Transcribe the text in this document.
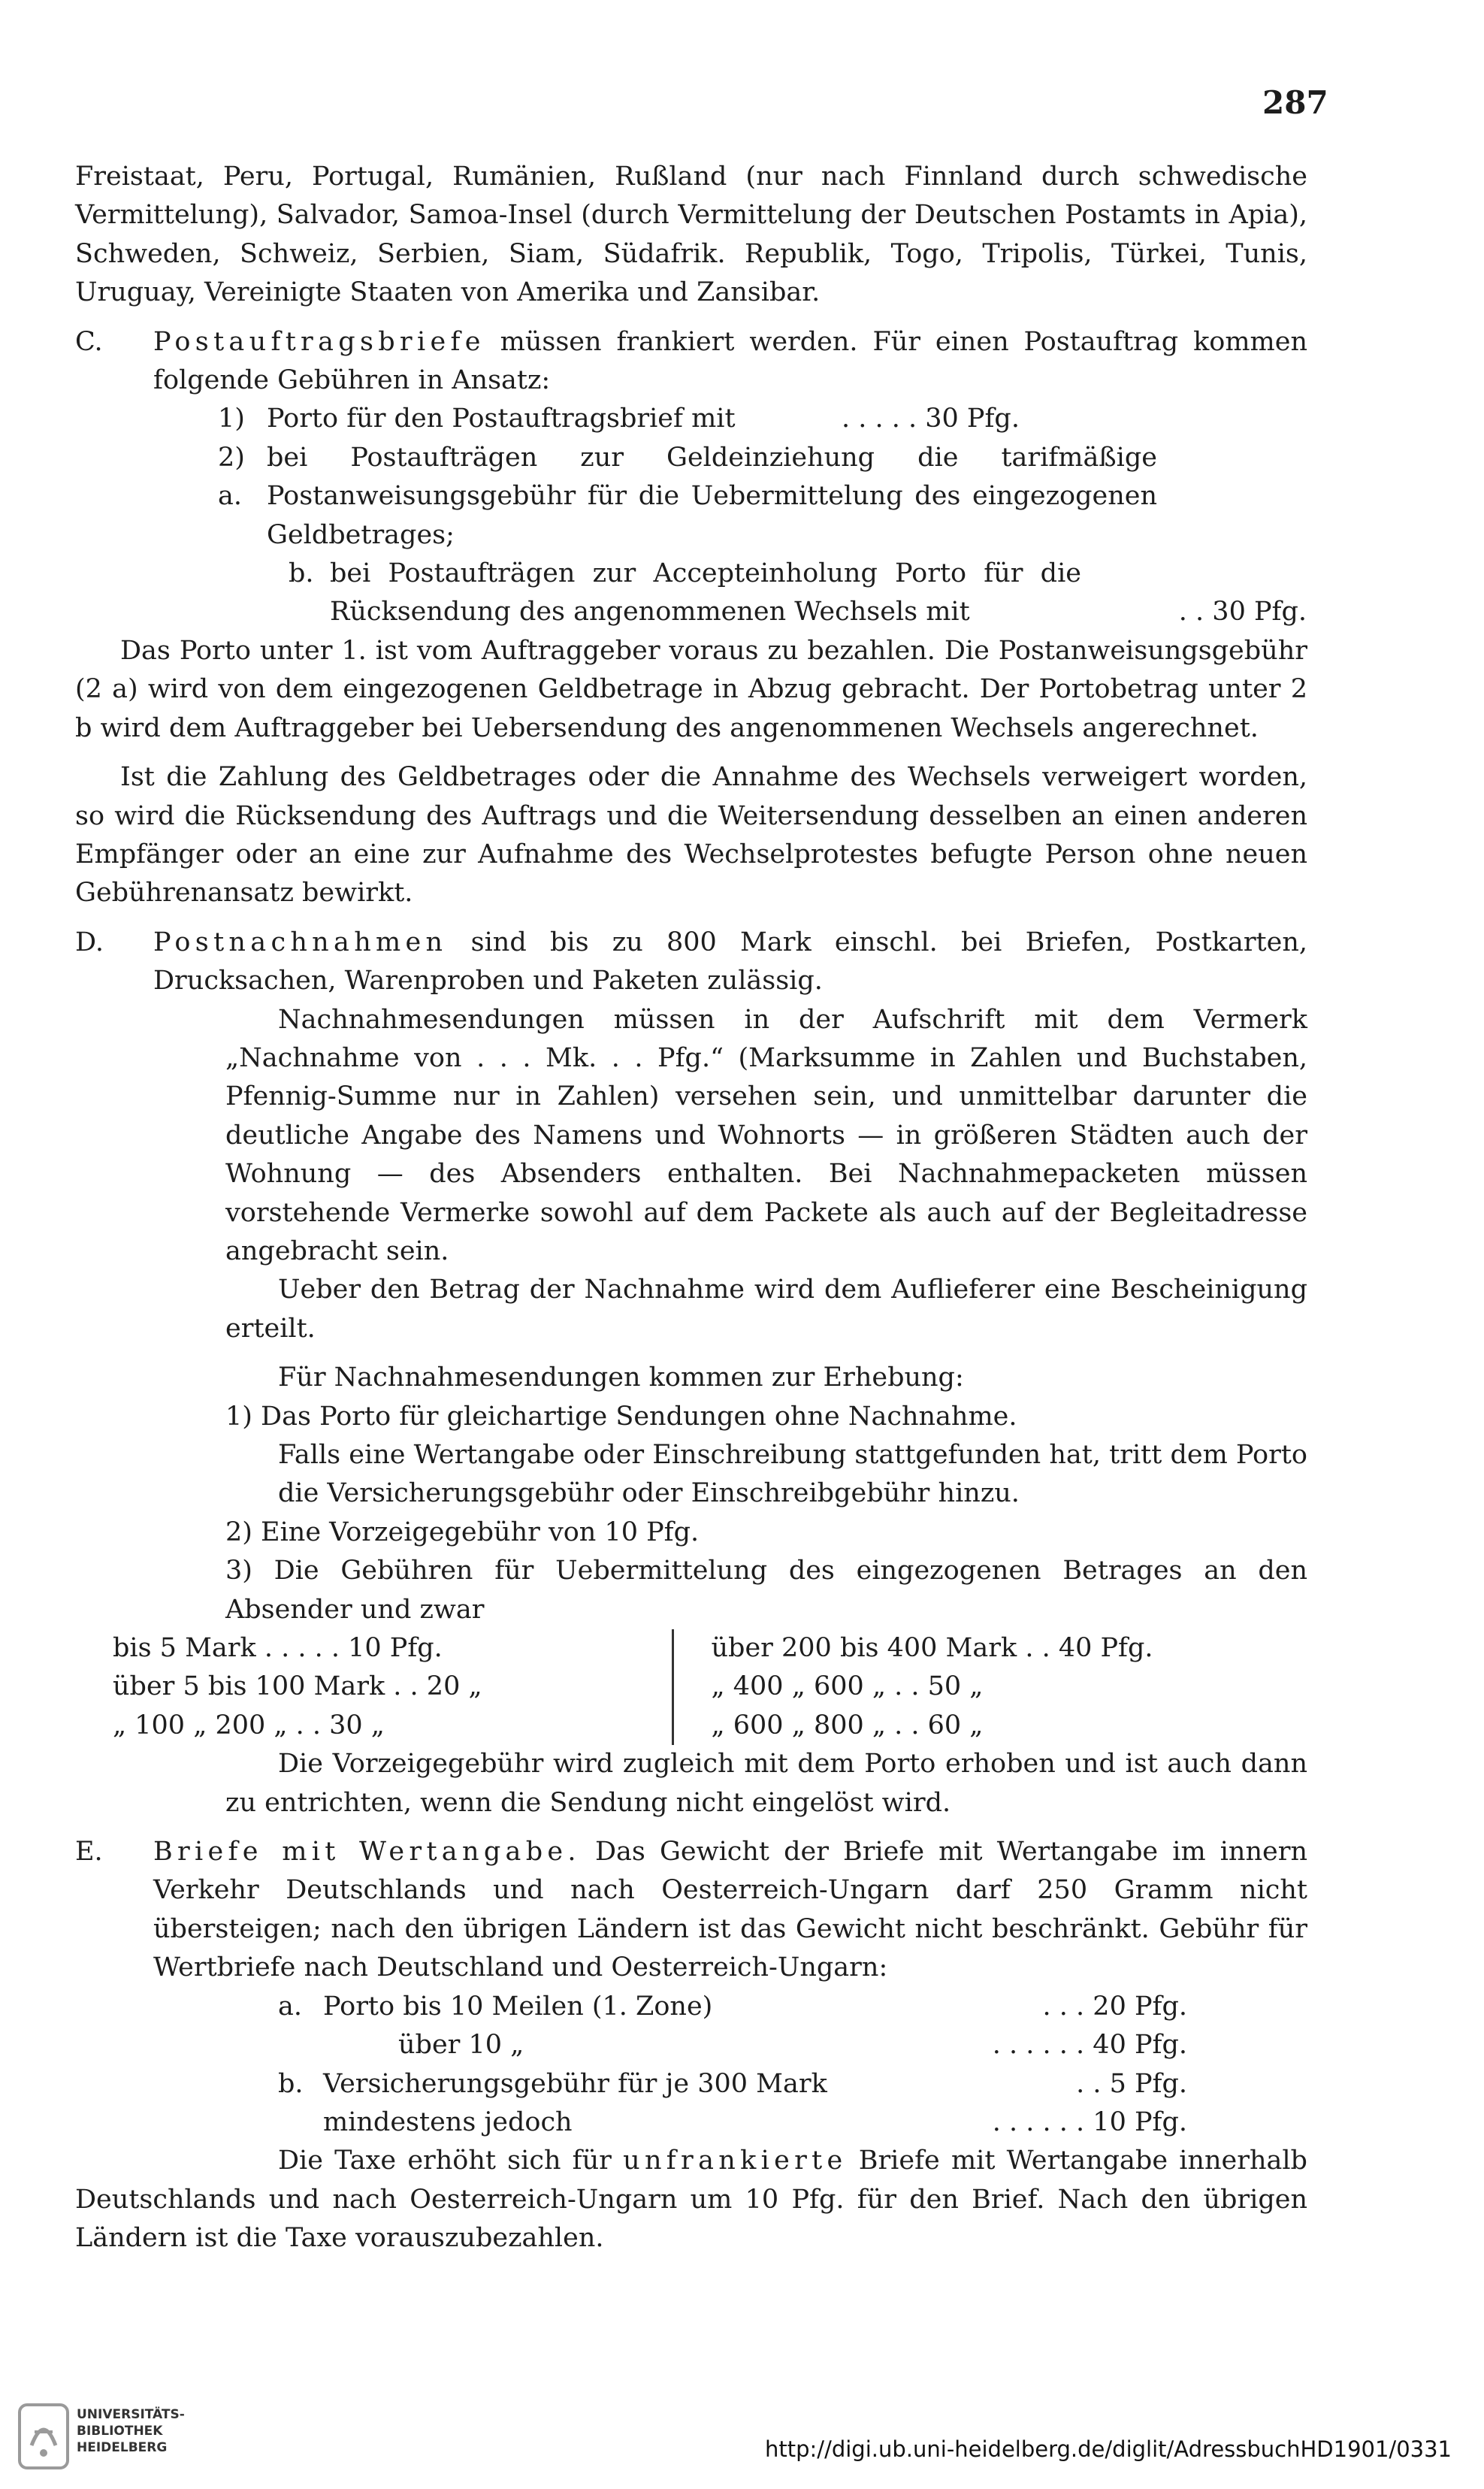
287

Freistaat, Peru, Portugal, Rumänien, Rußland (nur nach Finnland durch schwedische Vermittelung), Salvador, Samoa-Insel (durch Vermittelung der Deutschen Postamts in Apia), Schweden, Schweiz, Serbien, Siam, Südafrik. Republik, Togo, Tripolis, Türkei, Tunis, Uruguay, Vereinigte Staaten von Amerika und Zansibar.

C.	Postauftragsbriefe müssen frankiert werden. Für einen Postauftrag kommen folgende Gebühren in Ansatz:

1) Porto für den Postauftragsbrief mit	. . . . . 30 Pfg.
2) a.

bei Postaufträgen zur Geldeinziehung die tarifmäßige Postanweisungsgebühr für die Uebermittelung des eingezogenen Geldbetrages;

b. bei Postaufträgen zur Accepteinholung Porto für die Rücksendung des angenommenen Wechsels mit	. . 30 Pfg.

Das Porto unter 1. ist vom Auftraggeber voraus zu bezahlen. Die Postanweisungsgebühr (2 a) wird von dem eingezogenen Geldbetrage in Abzug gebracht. Der Portobetrag unter 2 b wird dem Auftraggeber bei Uebersendung des angenommenen Wechsels angerechnet.

Ist die Zahlung des Geldbetrages oder die Annahme des Wechsels verweigert worden, so wird die Rücksendung des Auftrags und die Weitersendung desselben an einen anderen Empfänger oder an eine zur Aufnahme des Wechselprotestes befugte Person ohne neuen Gebührenansatz bewirkt.

D.	Postnachnahmen sind bis zu 800 Mark einschl. bei Briefen, Postkarten, Drucksachen, Warenproben und Paketen zulässig.

Nachnahmesendungen müssen in der Aufschrift mit dem Vermerk „Nachnahme von . . . Mk. . . Pfg.“ (Marksumme in Zahlen und Buchstaben, Pfennig-Summe nur in Zahlen) versehen sein, und unmittelbar darunter die deutliche Angabe des Namens und Wohnorts — in größeren Städten auch der Wohnung — des Absenders enthalten. Bei Nachnahmepacketen müssen vorstehende Vermerke sowohl auf dem Packete als auch auf der Begleitadresse angebracht sein.

Ueber den Betrag der Nachnahme wird dem Auflieferer eine Bescheinigung erteilt.

Für Nachnahmesendungen kommen zur Erhebung:

1) Das Porto für gleichartige Sendungen ohne Nachnahme.

Falls eine Wertangabe oder Einschreibung stattgefunden hat, tritt dem Porto die Versicherungsgebühr oder Einschreibgebühr hinzu.

2) Eine Vorzeigegebühr von 10 Pfg.

3) Die Gebühren für Uebermittelung des eingezogenen Betrages an den Absender und zwar

bis 5 Mark . . . . . 10 Pfg.
über 5 bis 100 Mark . . 20 „
„ 100 „ 200 „ . . 30 „
über 200 bis 400 Mark . . 40 Pfg.
„ 400 „ 600 „ . . 50 „
„ 600 „ 800 „ . . 60 „

Die Vorzeigegebühr wird zugleich mit dem Porto erhoben und ist auch dann zu entrichten, wenn die Sendung nicht eingelöst wird.

E.	Briefe mit Wertangabe. Das Gewicht der Briefe mit Wertangabe im innern Verkehr Deutschlands und nach Oesterreich-Ungarn darf 250 Gramm nicht übersteigen; nach den übrigen Ländern ist das Gewicht nicht beschränkt. Gebühr für Wertbriefe nach Deutschland und Oesterreich-Ungarn:

a. Porto bis 10 Meilen (1. Zone)	. . . 20 Pfg.
über 10 „	. . . . . . 40 Pfg.
b. Versicherungsgebühr für je 300 Mark	. . 5 Pfg.
mindestens jedoch	. . . . . . 10 Pfg.

Die Taxe erhöht sich für unfrankierte Briefe mit Wertangabe innerhalb Deutschlands und nach Oesterreich-Ungarn um 10 Pfg. für den Brief. Nach den übrigen Ländern ist die Taxe vorauszubezahlen.

UNIVERSITÄTS-
BIBLIOTHEK
HEIDELBERG	http://digi.ub.uni-heidelberg.de/diglit/AdressbuchHD1901/0331
